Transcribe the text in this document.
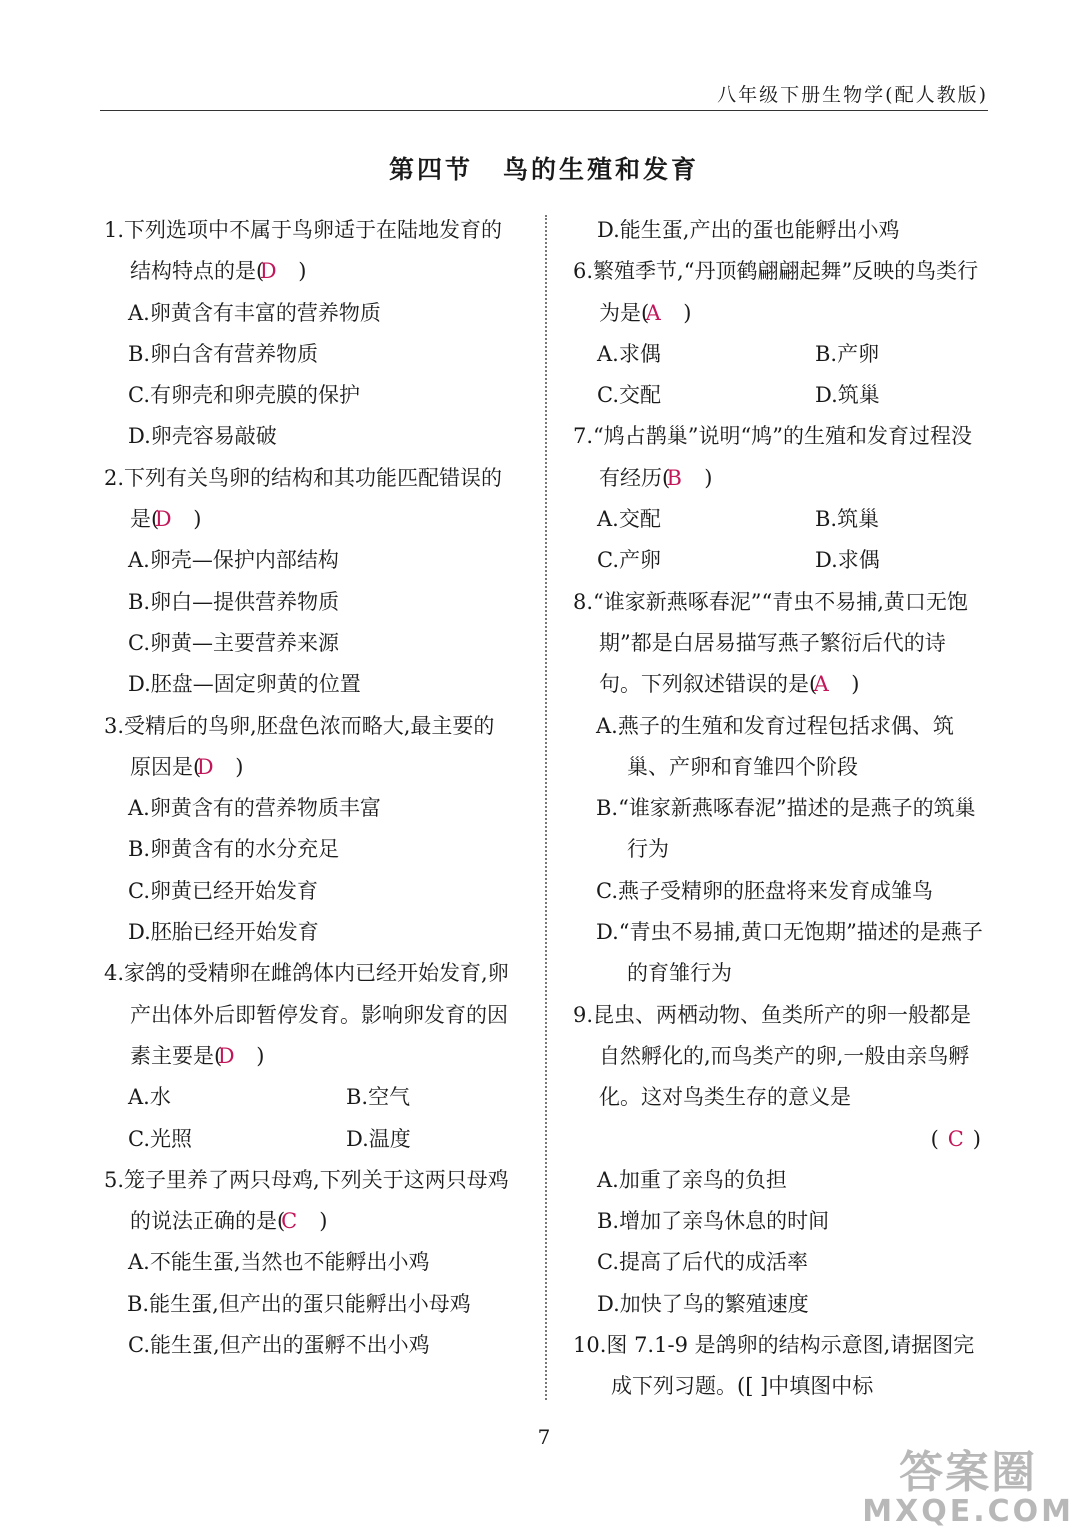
八年级下册生物学(配人教版)
第四节 鸟的生殖和发育
1.下列选项中不属于鸟卵适于在陆地发育的结构特点的是(D )
A.卵黄含有丰富的营养物质
B.卵白含有营养物质
C.有卵壳和卵壳膜的保护
D.卵壳容易敲破
2.下列有关鸟卵的结构和其功能匹配错误的是(D )
A.卵壳—保护内部结构
B.卵白—提供营养物质
C.卵黄—主要营养来源
D.胚盘—固定卵黄的位置
3.受精后的鸟卵,胚盘色浓而略大,最主要的原因是(D )
A.卵黄含有的营养物质丰富
B.卵黄含有的水分充足
C.卵黄已经开始发育
D.胚胎已经开始发育
4.家鸽的受精卵在雌鸽体内已经开始发育,卵产出体外后即暂停发育。影响卵发育的因素主要是(D )
A.水	B.空气
C.光照	D.温度
5.笼子里养了两只母鸡,下列关于这两只母鸡的说法正确的是(C )
A.不能生蛋,当然也不能孵出小鸡
B.能生蛋,但产出的蛋只能孵出小母鸡
C.能生蛋,但产出的蛋孵不出小鸡
D.能生蛋,产出的蛋也能孵出小鸡
6.繁殖季节,“丹顶鹤翩翩起舞”反映的鸟类行为是(A )
A.求偶	B.产卵
C.交配	D.筑巢
7.“鸠占鹊巢”说明“鸠”的生殖和发育过程没有经历(B )
A.交配	B.筑巢
C.产卵	D.求偶
8.“谁家新燕啄春泥”“青虫不易捕,黄口无饱期”都是白居易描写燕子繁衍后代的诗句。下列叙述错误的是(A )
A.燕子的生殖和发育过程包括求偶、筑巢、产卵和育雏四个阶段
B.“谁家新燕啄春泥”描述的是燕子的筑巢行为
C.燕子受精卵的胚盘将来发育成雏鸟
D.“青虫不易捕,黄口无饱期”描述的是燕子的育雏行为
9.昆虫、两栖动物、鱼类所产的卵一般都是自然孵化的,而鸟类产的卵,一般由亲鸟孵化。这对鸟类生存的意义是
( C )
A.加重了亲鸟的负担
B.增加了亲鸟休息的时间
C.提高了后代的成活率
D.加快了鸟的繁殖速度
10.图 7.1-9 是鸽卵的结构示意图,请据图完成下列习题。([ ]中填图中标
7
答案圈
MXQE.COM
